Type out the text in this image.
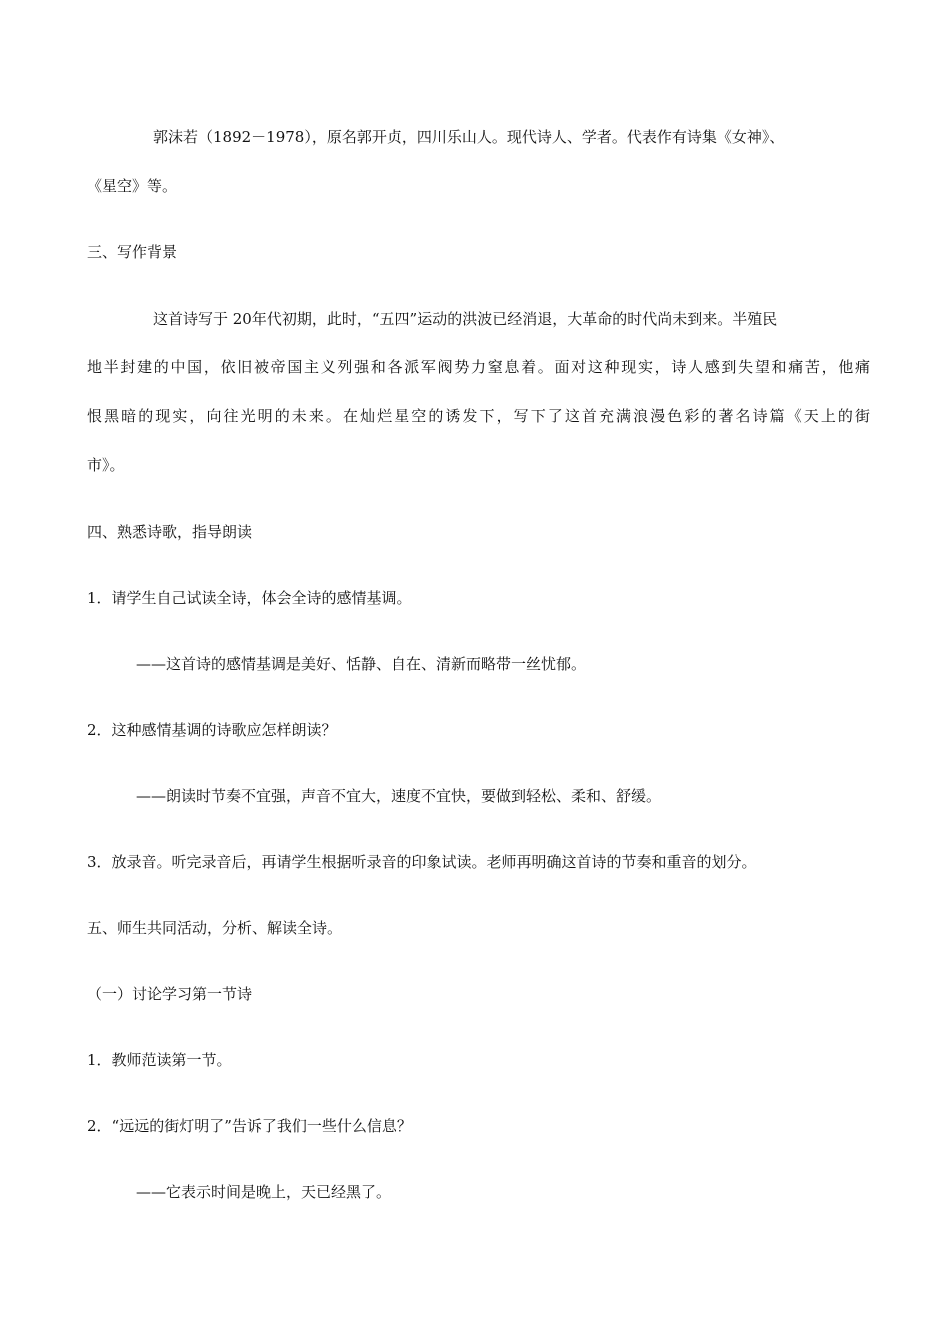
郭沫若（1892－1978），原名郭开贞，四川乐山人。现代诗人、学者。代表作有诗集《女神》、
《星空》等。
三、写作背景
这首诗写于 20年代初期，此时，“五四”运动的洪波已经消退，大革命的时代尚未到来。半殖民
地半封建的中国，依旧被帝国主义列强和各派军阀势力窒息着。面对这种现实，诗人感到失望和痛苦，他痛
恨黑暗的现实，向往光明的未来。在灿烂星空的诱发下，写下了这首充满浪漫色彩的著名诗篇《天上的街
市》。
四、熟悉诗歌，指导朗读
1．请学生自己试读全诗，体会全诗的感情基调。
——这首诗的感情基调是美好、恬静、自在、清新而略带一丝忧郁。
2．这种感情基调的诗歌应怎样朗读？
——朗读时节奏不宜强，声音不宜大，速度不宜快，要做到轻松、柔和、舒缓。
3．放录音。听完录音后，再请学生根据听录音的印象试读。老师再明确这首诗的节奏和重音的划分。
五、师生共同活动，分析、解读全诗。
（一）讨论学习第一节诗
1．教师范读第一节。
2．“远远的街灯明了”告诉了我们一些什么信息？
——它表示时间是晚上，天已经黑了。
